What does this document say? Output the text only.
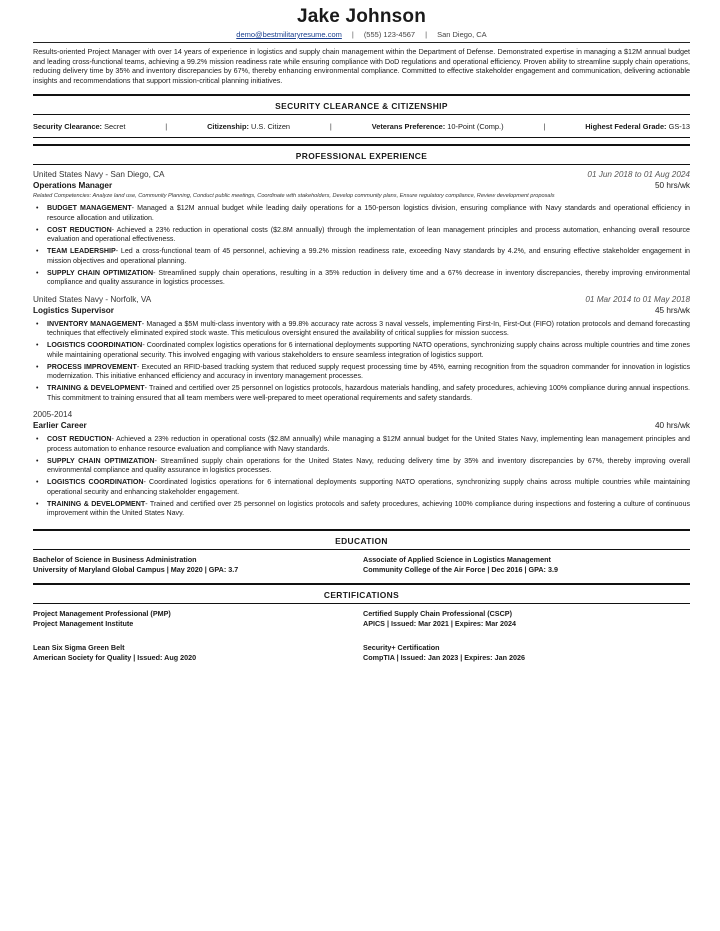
Jake Johnson
demo@bestmilitaryresume.com | (555) 123-4567 | San Diego, CA
Results-oriented Project Manager with over 14 years of experience in logistics and supply chain management within the Department of Defense. Demonstrated expertise in managing a $12M annual budget and leading cross-functional teams, achieving a 99.2% mission readiness rate while ensuring compliance with DoD regulations and operational efficiency. Proven ability to streamline supply chain operations, reducing delivery time by 35% and inventory discrepancies by 67%, thereby enhancing environmental compliance. Committed to effective stakeholder engagement and communication, delivering actionable insights and recommendations that support mission-critical planning initiatives.
SECURITY CLEARANCE & CITIZENSHIP
Security Clearance: Secret	|	Citizenship: U.S. Citizen	|	Veterans Preference: 10-Point (Comp.)	|	Highest Federal Grade: GS-13
PROFESSIONAL EXPERIENCE
United States Navy - San Diego, CA	01 Jun 2018 to 01 Aug 2024
Operations Manager	50 hrs/wk
Related Competencies: Analyze land use, Community Planning, Conduct public meetings, Coordinate with stakeholders, Develop community plans, Ensure regulatory compliance, Review development proposals
• BUDGET MANAGEMENT- Managed a $12M annual budget while leading daily operations for a 150-person logistics division, ensuring compliance with Navy standards and operational efficiency in resource allocation and utilization.
• COST REDUCTION- Achieved a 23% reduction in operational costs ($2.8M annually) through the implementation of lean management principles and process automation, enhancing overall resource evaluation and operational effectiveness.
• TEAM LEADERSHIP- Led a cross-functional team of 45 personnel, achieving a 99.2% mission readiness rate, exceeding Navy standards by 4.2%, and ensuring effective stakeholder engagement in mission objectives and operational planning.
• SUPPLY CHAIN OPTIMIZATION- Streamlined supply chain operations, resulting in a 35% reduction in delivery time and a 67% decrease in inventory discrepancies, thereby improving environmental compliance and quality assurance in logistics processes.
United States Navy - Norfolk, VA	01 Mar 2014 to 01 May 2018
Logistics Supervisor	45 hrs/wk
• INVENTORY MANAGEMENT- Managed a $5M multi-class inventory with a 99.8% accuracy rate across 3 naval vessels, implementing First-In, First-Out (FIFO) rotation protocols and demand forecasting techniques that effectively eliminated expired stock waste. This meticulous oversight ensured the availability of critical supplies for mission success.
• LOGISTICS COORDINATION- Coordinated complex logistics operations for 6 international deployments supporting NATO operations, synchronizing supply chains across multiple countries and time zones while maintaining operational security. This involved engaging with various stakeholders to ensure seamless integration of logistics support.
• PROCESS IMPROVEMENT- Executed an RFID-based tracking system that reduced supply request processing time by 45%, earning recognition from the squadron commander for innovation in logistics modernization. This initiative enhanced efficiency and accuracy in inventory management processes.
• TRAINING & DEVELOPMENT- Trained and certified over 25 personnel on logistics protocols, hazardous materials handling, and safety procedures, achieving 100% compliance during annual inspections. This commitment to training ensured that all team members were well-prepared to meet operational requirements and safety standards.
2005-2014
Earlier Career	40 hrs/wk
• COST REDUCTION- Achieved a 23% reduction in operational costs ($2.8M annually) while managing a $12M annual budget for the United States Navy, implementing lean management principles and process automation to enhance resource evaluation and compliance with Navy standards.
• SUPPLY CHAIN OPTIMIZATION- Streamlined supply chain operations for the United States Navy, reducing delivery time by 35% and inventory discrepancies by 67%, thereby improving overall environmental compliance and quality assurance in logistics processes.
• LOGISTICS COORDINATION- Coordinated logistics operations for 6 international deployments supporting NATO operations, synchronizing supply chains across multiple countries while maintaining operational security and enhancing stakeholder engagement.
• TRAINING & DEVELOPMENT- Trained and certified over 25 personnel on logistics protocols and safety procedures, achieving 100% compliance during inspections and fostering a culture of continuous improvement within the United States Navy.
EDUCATION
Bachelor of Science in Business Administration
University of Maryland Global Campus | May 2020 | GPA: 3.7
Associate of Applied Science in Logistics Management
Community College of the Air Force | Dec 2016 | GPA: 3.9
CERTIFICATIONS
Project Management Professional (PMP)
Project Management Institute
Certified Supply Chain Professional (CSCP)
APICS | Issued: Mar 2021 | Expires: Mar 2024
Lean Six Sigma Green Belt
American Society for Quality | Issued: Aug 2020
Security+ Certification
CompTIA | Issued: Jan 2023 | Expires: Jan 2026
